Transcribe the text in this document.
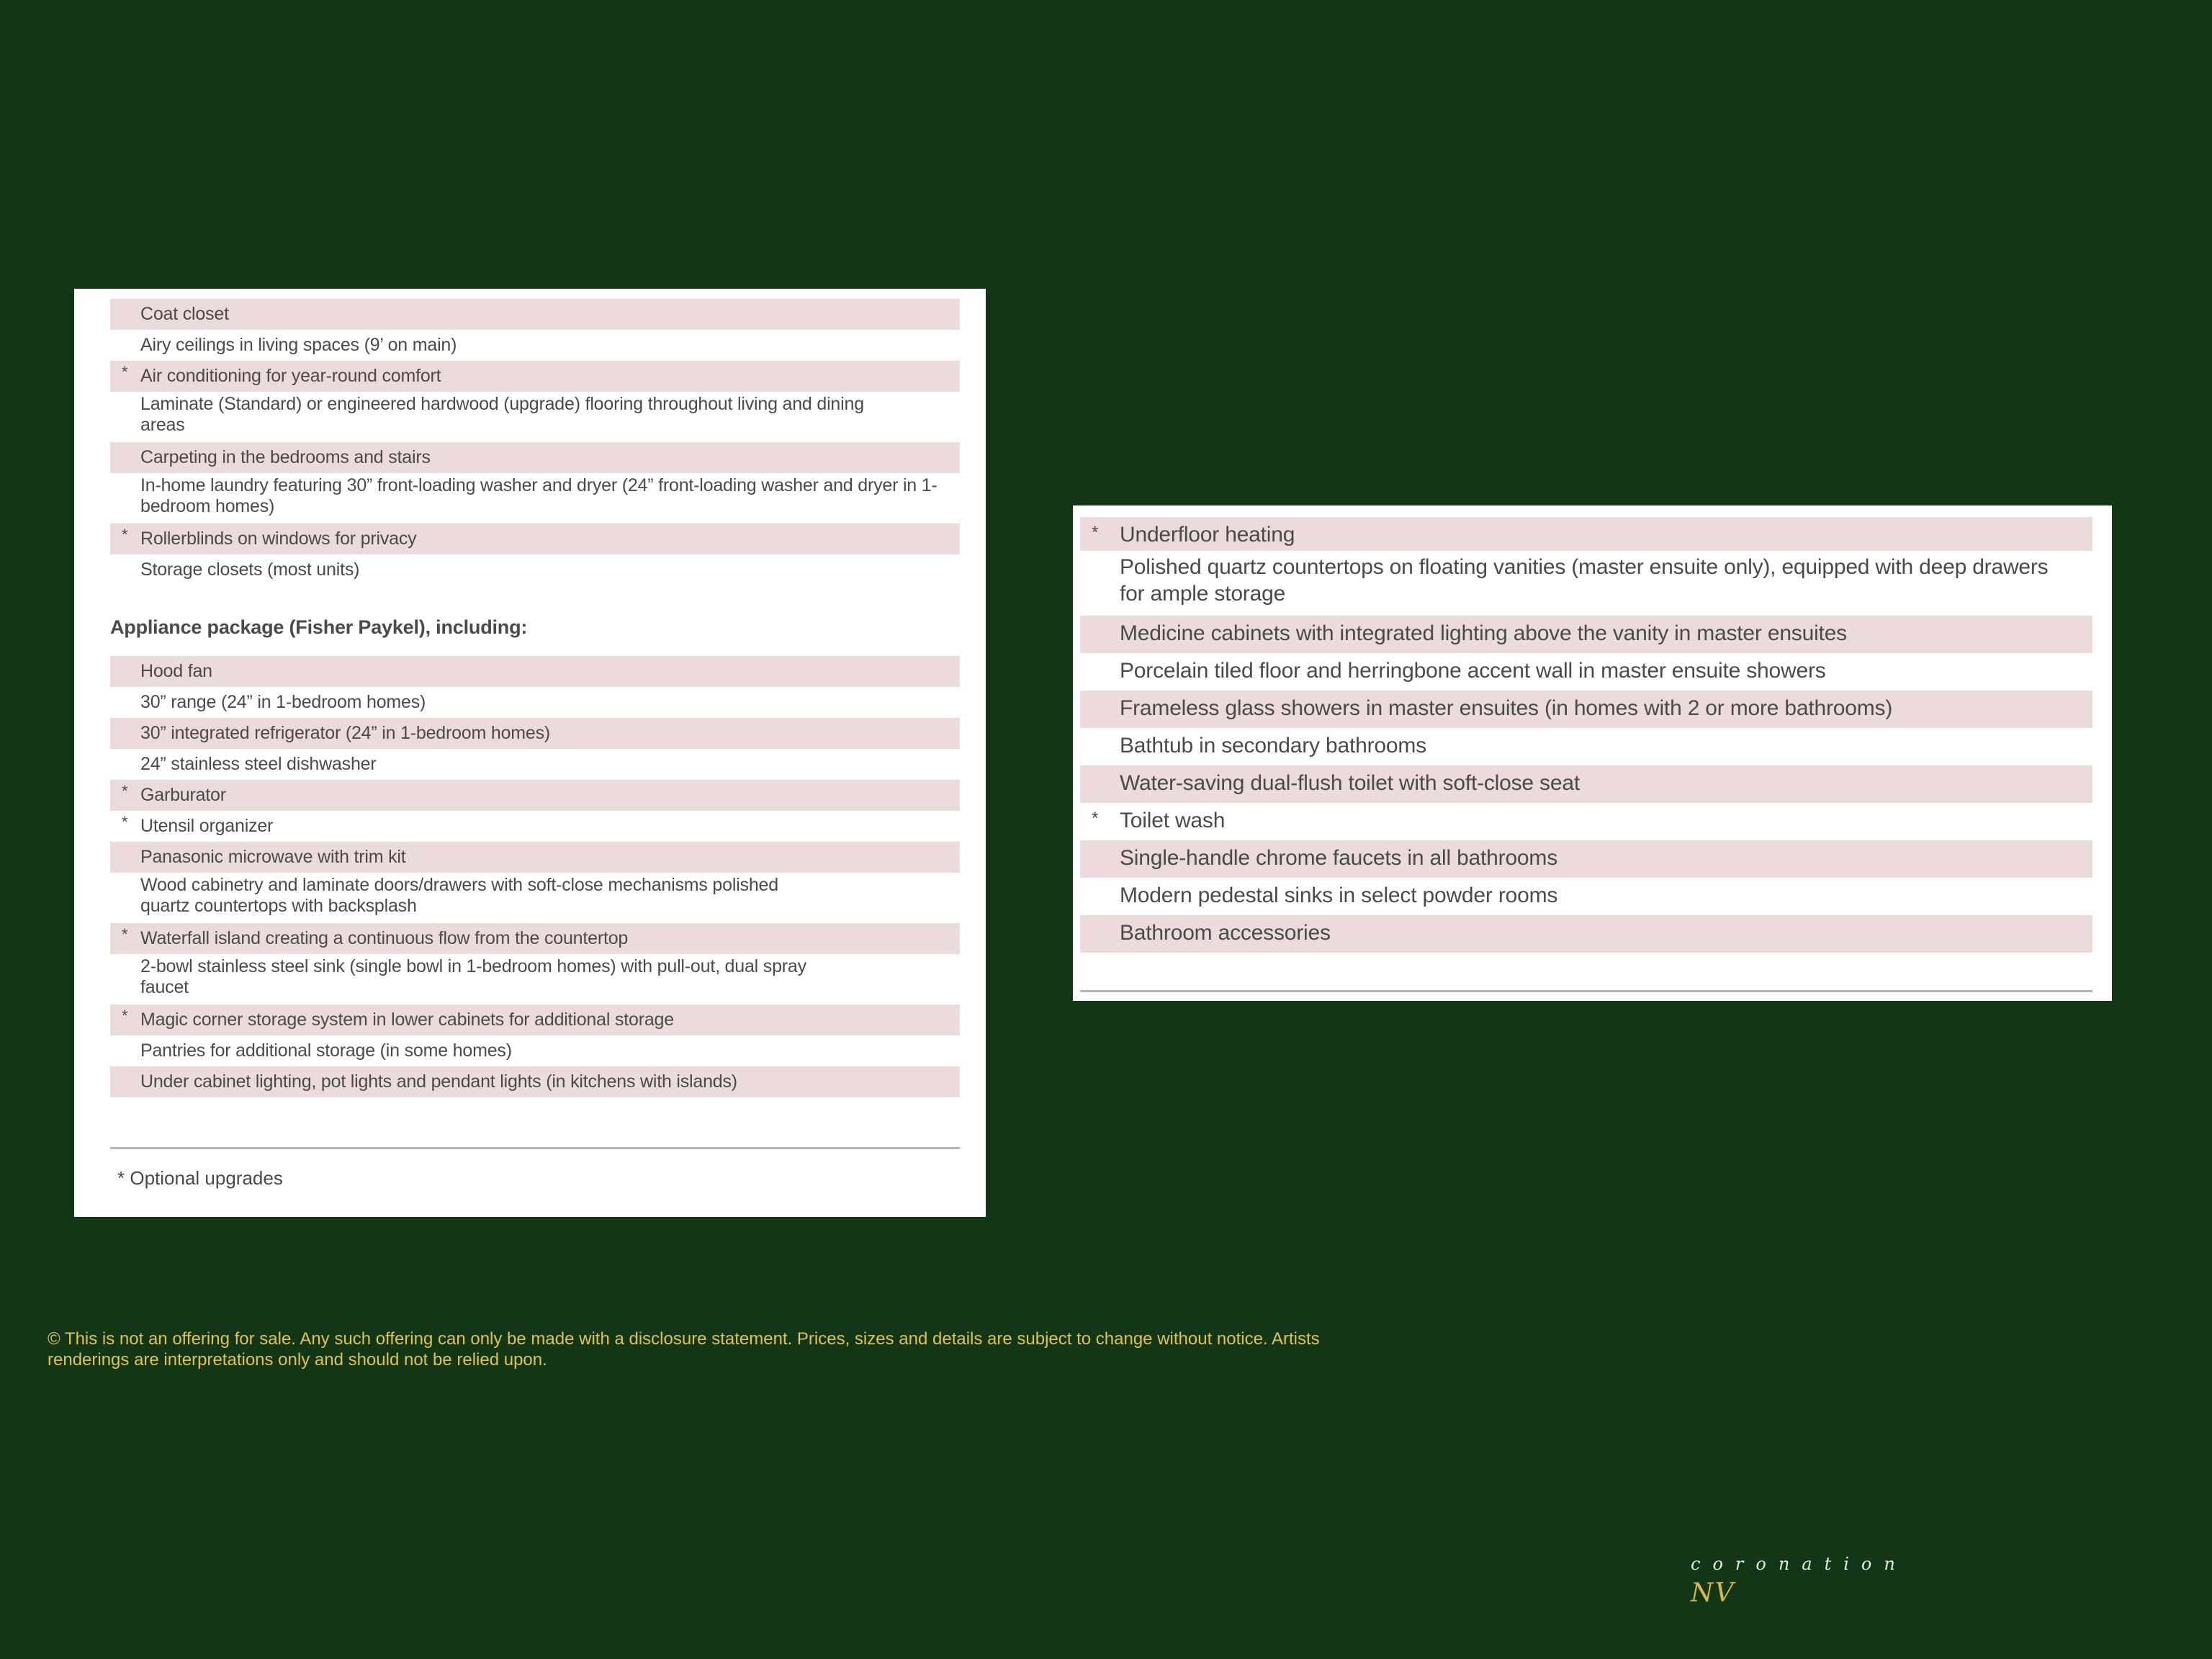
Coat closet
Airy ceilings in living spaces (9’ on main)
* Air conditioning for year-round comfort
Laminate (Standard) or engineered hardwood (upgrade) flooring throughout living and dining areas
Carpeting in the bedrooms and stairs
In-home laundry featuring 30” front-loading washer and dryer (24” front-loading washer and dryer in 1-bedroom homes)
* Rollerblinds on windows for privacy
Storage closets (most units)
Appliance package (Fisher Paykel), including:
Hood fan
30” range (24” in 1-bedroom homes)
30” integrated refrigerator (24” in 1-bedroom homes)
24” stainless steel dishwasher
* Garburator
* Utensil organizer
Panasonic microwave with trim kit
Wood cabinetry and laminate doors/drawers with soft-close mechanisms polished quartz countertops with backsplash
* Waterfall island creating a continuous flow from the countertop
2-bowl stainless steel sink (single bowl in 1-bedroom homes) with pull-out, dual spray faucet
* Magic corner storage system in lower cabinets for additional storage
Pantries for additional storage (in some homes)
Under cabinet lighting, pot lights and pendant lights (in kitchens with islands)
* Optional upgrades
* Underfloor heating
Polished quartz countertops on floating vanities (master ensuite only), equipped with deep drawers for ample storage
Medicine cabinets with integrated lighting above the vanity in master ensuites
Porcelain tiled floor and herringbone accent wall in master ensuite showers
Frameless glass showers in master ensuites (in homes with 2 or more bathrooms)
Bathtub in secondary bathrooms
Water-saving dual-flush toilet with soft-close seat
* Toilet wash
Single-handle chrome faucets in all bathrooms
Modern pedestal sinks in select powder rooms
Bathroom accessories
© This is not an offering for sale. Any such offering can only be made with a disclosure statement. Prices, sizes and details are subject to change without notice. Artists renderings are interpretations only and should not be relied upon.
coronation
NV
